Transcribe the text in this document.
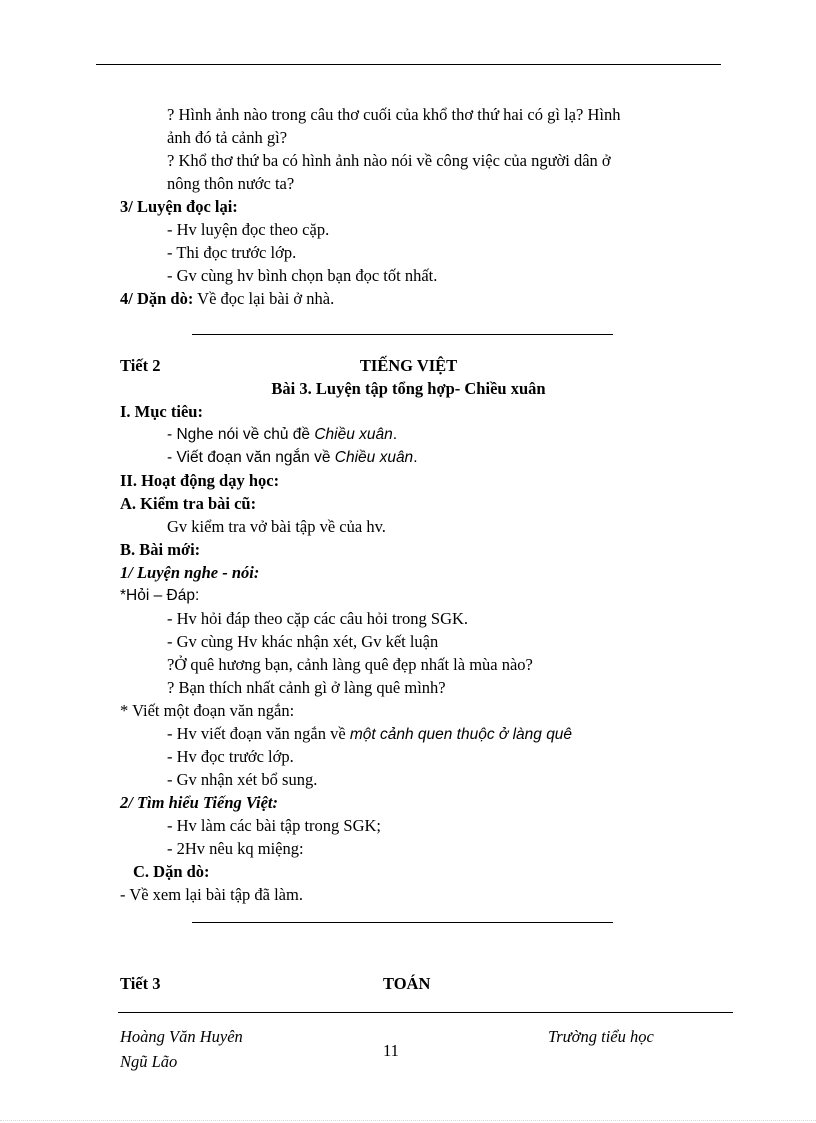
? Hình ảnh nào trong câu thơ cuối của khổ thơ thứ hai có gì lạ? Hình
ảnh đó tả cảnh gì?
? Khổ thơ thứ ba có hình ảnh nào nói về công việc của người dân ở
nông thôn nước ta?
3/ Luyện đọc lại:
- Hv luyện đọc theo cặp.
- Thi đọc trước lớp.
- Gv cùng hv bình chọn bạn đọc tốt nhất.
4/ Dặn dò: Về đọc lại bài ở nhà.
Tiết 2	TIẾNG VIỆT
Bài 3. Luyện tập tổng hợp- Chiều xuân
I. Mục tiêu:
- Nghe nói về chủ đề Chiều xuân.
- Viết đoạn văn ngắn về Chiều xuân.
II. Hoạt động dạy học:
A. Kiểm tra bài cũ:
Gv kiểm tra vở bài tập về của hv.
B. Bài mới:
1/ Luyện nghe - nói:
*Hỏi – Đáp:
- Hv hỏi đáp theo cặp các câu hỏi trong SGK.
- Gv cùng Hv khác nhận xét, Gv kết luận
?Ở quê hương bạn, cảnh làng quê đẹp nhất là mùa nào?
? Bạn thích nhất cảnh gì ở làng quê mình?
* Viết một đoạn văn ngắn:
- Hv viết đoạn văn ngắn về một cảnh quen thuộc ở làng quê
- Hv đọc trước lớp.
- Gv nhận xét bổ sung.
2/ Tìm hiểu Tiếng Việt:
- Hv làm các bài tập trong SGK;
- 2Hv nêu kq miệng:
C. Dặn dò:
- Về xem lại bài tập đã làm.
Tiết 3	TOÁN
Hoàng Văn Huyên
Ngũ Lão
11
Trường tiểu học
